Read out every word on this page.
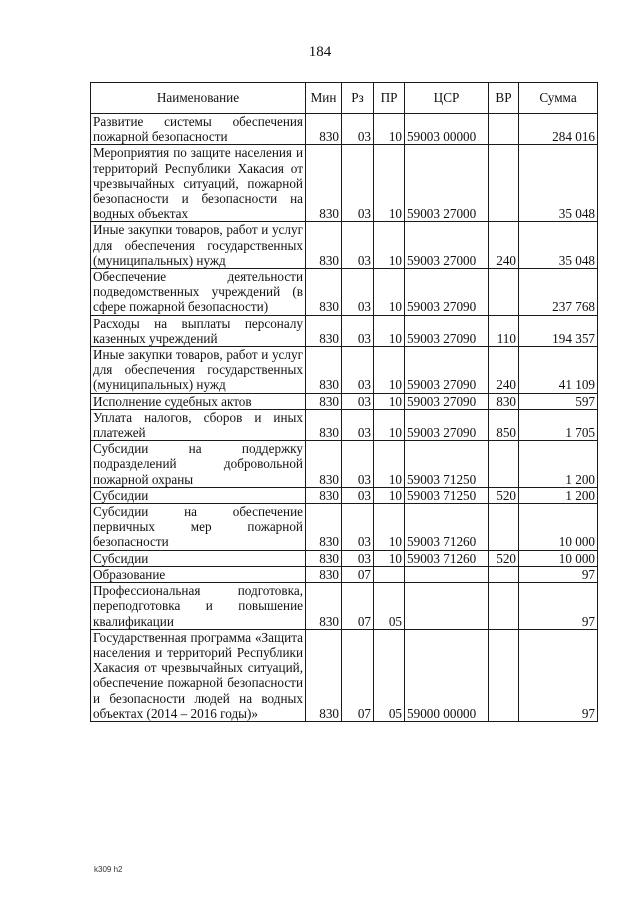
184
Наименование	Мин	Рз	ПР	ЦСР	ВР	Сумма
Развитие системы обеспечения пожарной безопасности	830	03	10	59003 00000		284 016
Мероприятия по защите населения и территорий Республики Хакасия от чрезвычайных ситуаций, пожарной безопасности и безопасности на водных объектах	830	03	10	59003 27000		35 048
Иные закупки товаров, работ и услуг для обеспечения государственных (муниципальных) нужд	830	03	10	59003 27000	240	35 048
Обеспечение деятельности подведомственных учреждений (в сфере пожарной безопасности)	830	03	10	59003 27090		237 768
Расходы на выплаты персоналу казенных учреждений	830	03	10	59003 27090	110	194 357
Иные закупки товаров, работ и услуг для обеспечения государственных (муниципальных) нужд	830	03	10	59003 27090	240	41 109
Исполнение судебных актов	830	03	10	59003 27090	830	597
Уплата налогов, сборов и иных платежей	830	03	10	59003 27090	850	1 705
Субсидии на поддержку подразделений добровольной пожарной охраны	830	03	10	59003 71250		1 200
Субсидии	830	03	10	59003 71250	520	1 200
Субсидии на обеспечение первичных мер пожарной безопасности	830	03	10	59003 71260		10 000
Субсидии	830	03	10	59003 71260	520	10 000
Образование	830	07				97
Профессиональная подготовка, переподготовка и повышение квалификации	830	07	05			97
Государственная программа «Защита населения и территорий Республики Хакасия от чрезвычайных ситуаций, обеспечение пожарной безопасности и безопасности людей на водных объектах (2014 – 2016 годы)»	830	07	05	59000 00000		97
k309 h2
